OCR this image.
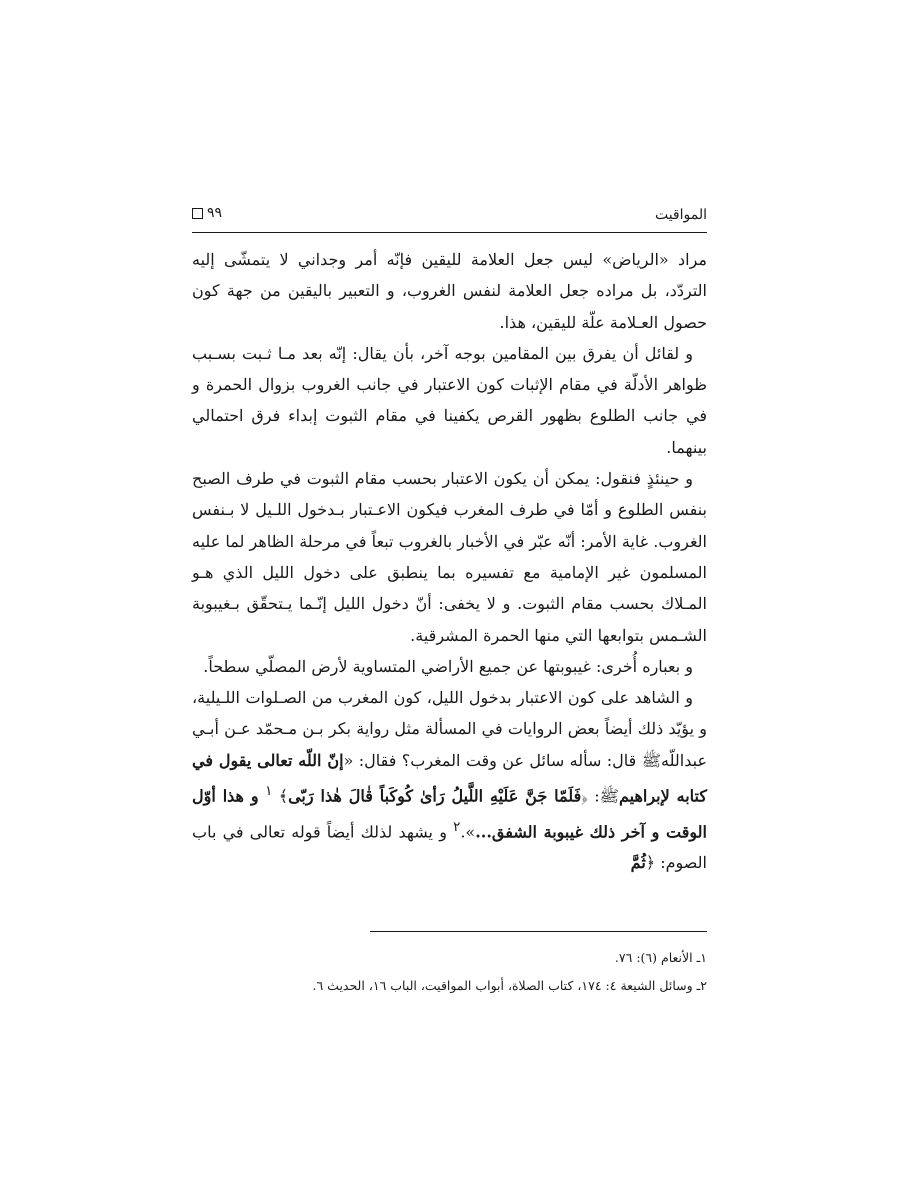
المواقيت
٩٩

مراد «الرياض» ليس جعل العلامة لليقين فإنّه أمر وجداني لا يتمشّى إليه التردّد، بل مراده جعل العلامة لنفس الغروب، و التعبير باليقين من جهة كون حصول العـلامة علّة لليقين، هذا.

و لقائل أن يفرق بين المقامين بوجه آخر، بأن يقال: إنّه بعد مـا ثـبت بسـبب ظواهر الأدلّة في مقام الإثبات كون الاعتبار في جانب الغروب بزوال الحمرة و في جانب الطلوع بظهور القرص يكفينا في مقام الثبوت إبداء فرق احتمالي بينهما.

و حينئذٍ فنقول: يمكن أن يكون الاعتبار بحسب مقام الثبوت في طرف الصبح بنفس الطلوع و أمّا في طرف المغرب فيكون الاعـتبار بـدخول اللـيل لا بـنفس الغروب. غاية الأمر: أنّه عبّر في الأخبار بالغروب تبعاً في مرحلة الظاهر لما عليه المسلمون غير الإمامية مع تفسيره بما ينطبق على دخول الليل الذي هـو المـلاك بحسب مقام الثبوت. و لا يخفى: أنّ دخول الليل إنّـما يـتحقّق بـغيبوبة الشـمس بتوابعها التي منها الحمرة المشرقية.

و بعباره أُخرى: غيبوبتها عن جميع الأراضي المتساوية لأرض المصلّي سطحاً.

و الشاهد على كون الاعتبار بدخول الليل، كون المغرب من الصـلوات اللـيلية، و يؤيّد ذلك أيضاً بعض الروايات في المسألة مثل رواية بكر بـن مـحمّد عـن أبـي عبداللّهﷺ قال: سأله سائل عن وقت المغرب؟ فقال: «إنّ اللّه تعالى يقول في كتابه لإبراهيمﷺ: ﴿فَلَمّا جَنَّ عَلَيْهِ اللَّيلُ رَأىٰ كُوكَباً قٰالَ هٰذا رَبّى﴾ $^١$ و هذا أوّل الوقت و آخر ذلك غيبوبة الشفق...».$^٢$ و يشهد لذلك أيضاً قوله تعالى في باب الصوم: ﴿ثُمَّ

١ـ الأنعام (٦): ٧٦.

٢ـ وسائل الشيعة ٤: ١٧٤، كتاب الصلاة، أبواب المواقيت، الباب ١٦، الحديث ٦.
